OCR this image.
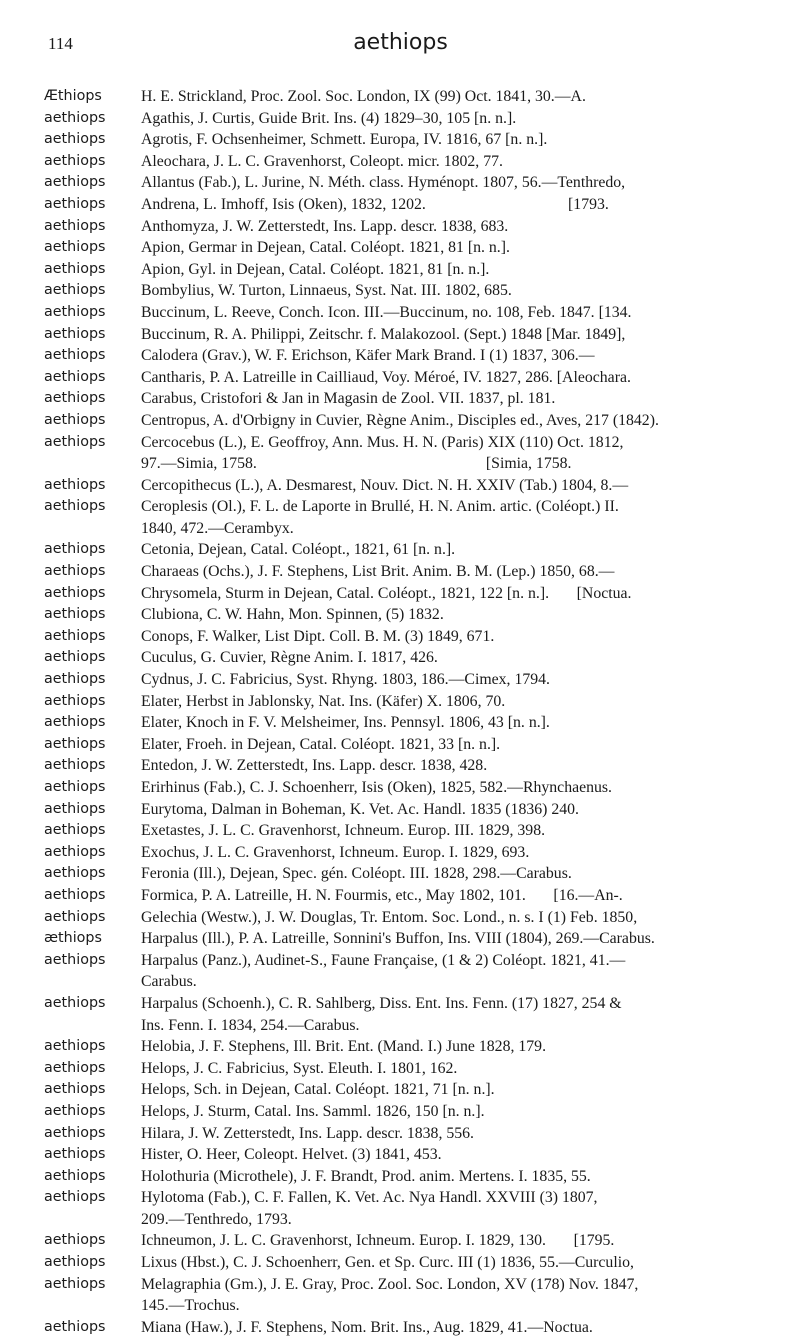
114	aethiops
Æthiops H. E. Strickland, Proc. Zool. Soc. London, IX (99) Oct. 1841, 30.—A.
aethiops Agathis, J. Curtis, Guide Brit. Ins. (4) 1829–30, 105 [n. n.].
aethiops Agrotis, F. Ochsenheimer, Schmett. Europa, IV. 1816, 67 [n. n.].
aethiops Aleochara, J. L. C. Gravenhorst, Coleopt. micr. 1802, 77.
aethiops Allantus (Fab.), L. Jurine, N. Méth. class. Hyménopt. 1807, 56.—Tenthredo,
aethiops Andrena, L. Imhoff, Isis (Oken), 1832, 1202.                                    [1793.
aethiops Anthomyza, J. W. Zetterstedt, Ins. Lapp. descr. 1838, 683.
aethiops Apion, Germar in Dejean, Catal. Coléopt. 1821, 81 [n. n.].
aethiops Apion, Gyl. in Dejean, Catal. Coléopt. 1821, 81 [n. n.].
aethiops Bombylius, W. Turton, Linnaeus, Syst. Nat. III. 1802, 685.
aethiops Buccinum, L. Reeve, Conch. Icon. III.—Buccinum, no. 108, Feb. 1847. [134.
aethiops Buccinum, R. A. Philippi, Zeitschr. f. Malakozool. (Sept.) 1848 [Mar. 1849],
aethiops Calodera (Grav.), W. F. Erichson, Käfer Mark Brand. I (1) 1837, 306.—
aethiops Cantharis, P. A. Latreille in Cailliaud, Voy. Méroé, IV. 1827, 286. [Aleochara.
aethiops Carabus, Cristofori & Jan in Magasin de Zool. VII. 1837, pl. 181.
aethiops Centropus, A. d'Orbigny in Cuvier, Règne Anim., Disciples ed., Aves, 217 (1842).
aethiops Cercocebus (L.), E. Geoffroy, Ann. Mus. H. N. (Paris) XIX (110) Oct. 1812,
97.—Simia, 1758.                                                          [Simia, 1758.
aethiops Cercopithecus (L.), A. Desmarest, Nouv. Dict. N. H. XXIV (Tab.) 1804, 8.—
aethiops Ceroplesis (Ol.), F. L. de Laporte in Brullé, H. N. Anim. artic. (Coléopt.) II.
1840, 472.—Cerambyx.
aethiops Cetonia, Dejean, Catal. Coléopt., 1821, 61 [n. n.].
aethiops Charaeas (Ochs.), J. F. Stephens, List Brit. Anim. B. M. (Lep.) 1850, 68.—
aethiops Chrysomela, Sturm in Dejean, Catal. Coléopt., 1821, 122 [n. n.].       [Noctua.
aethiops Clubiona, C. W. Hahn, Mon. Spinnen, (5) 1832.
aethiops Conops, F. Walker, List Dipt. Coll. B. M. (3) 1849, 671.
aethiops Cuculus, G. Cuvier, Règne Anim. I. 1817, 426.
aethiops Cydnus, J. C. Fabricius, Syst. Rhyng. 1803, 186.—Cimex, 1794.
aethiops Elater, Herbst in Jablonsky, Nat. Ins. (Käfer) X. 1806, 70.
aethiops Elater, Knoch in F. V. Melsheimer, Ins. Pennsyl. 1806, 43 [n. n.].
aethiops Elater, Froeh. in Dejean, Catal. Coléopt. 1821, 33 [n. n.].
aethiops Entedon, J. W. Zetterstedt, Ins. Lapp. descr. 1838, 428.
aethiops Erirhinus (Fab.), C. J. Schoenherr, Isis (Oken), 1825, 582.—Rhynchaenus.
aethiops Eurytoma, Dalman in Boheman, K. Vet. Ac. Handl. 1835 (1836) 240.
aethiops Exetastes, J. L. C. Gravenhorst, Ichneum. Europ. III. 1829, 398.
aethiops Exochus, J. L. C. Gravenhorst, Ichneum. Europ. I. 1829, 693.
aethiops Feronia (Ill.), Dejean, Spec. gén. Coléopt. III. 1828, 298.—Carabus.
aethiops Formica, P. A. Latreille, H. N. Fourmis, etc., May 1802, 101.       [16.—An-.
aethiops Gelechia (Westw.), J. W. Douglas, Tr. Entom. Soc. Lond., n. s. I (1) Feb. 1850,
æthiops Harpalus (Ill.), P. A. Latreille, Sonnini's Buffon, Ins. VIII (1804), 269.—Carabus.
aethiops Harpalus (Panz.), Audinet-S., Faune Française, (1 & 2) Coléopt. 1821, 41.—
Carabus.
aethiops Harpalus (Schoenh.), C. R. Sahlberg, Diss. Ent. Ins. Fenn. (17) 1827, 254 &
Ins. Fenn. I. 1834, 254.—Carabus.
aethiops Helobia, J. F. Stephens, Ill. Brit. Ent. (Mand. I.) June 1828, 179.
aethiops Helops, J. C. Fabricius, Syst. Eleuth. I. 1801, 162.
aethiops Helops, Sch. in Dejean, Catal. Coléopt. 1821, 71 [n. n.].
aethiops Helops, J. Sturm, Catal. Ins. Samml. 1826, 150 [n. n.].
aethiops Hilara, J. W. Zetterstedt, Ins. Lapp. descr. 1838, 556.
aethiops Hister, O. Heer, Coleopt. Helvet. (3) 1841, 453.
aethiops Holothuria (Microthele), J. F. Brandt, Prod. anim. Mertens. I. 1835, 55.
aethiops Hylotoma (Fab.), C. F. Fallen, K. Vet. Ac. Nya Handl. XXVIII (3) 1807,
209.—Tenthredo, 1793.
aethiops Ichneumon, J. L. C. Gravenhorst, Ichneum. Europ. I. 1829, 130.       [1795.
aethiops Lixus (Hbst.), C. J. Schoenherr, Gen. et Sp. Curc. III (1) 1836, 55.—Curculio,
aethiops Melagraphia (Gm.), J. E. Gray, Proc. Zool. Soc. London, XV (178) Nov. 1847,
145.—Trochus.
aethiops Miana (Haw.), J. F. Stephens, Nom. Brit. Ins., Aug. 1829, 41.—Noctua.
